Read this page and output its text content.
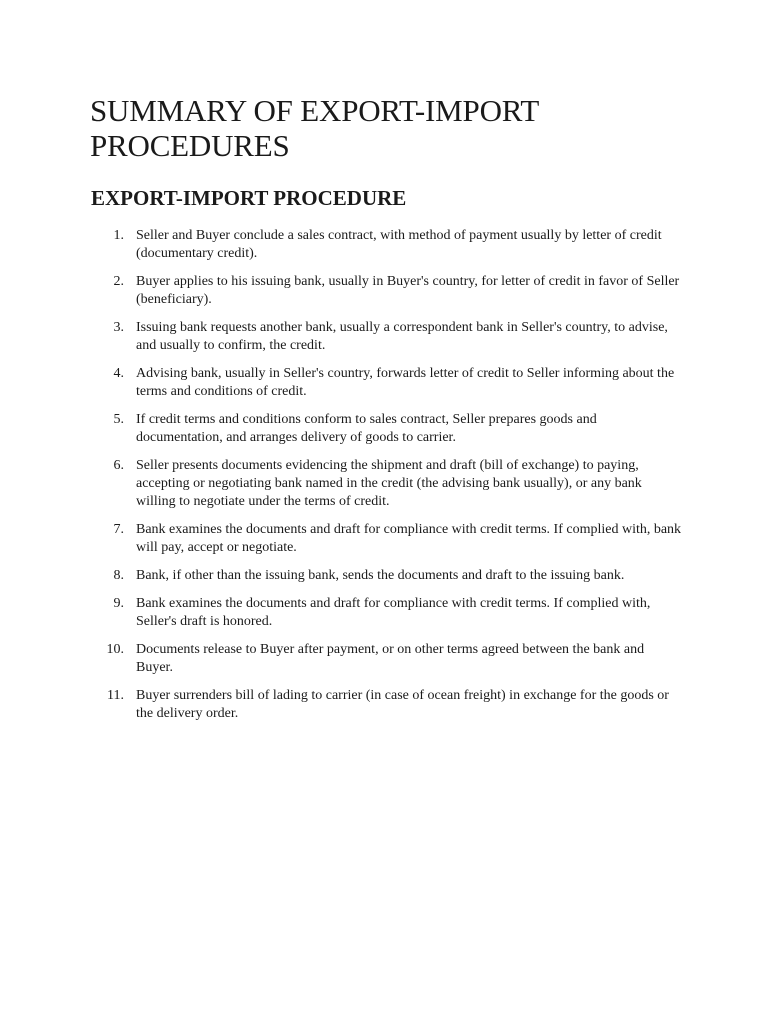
SUMMARY OF EXPORT-IMPORT PROCEDURES
EXPORT-IMPORT PROCEDURE
1. Seller and Buyer conclude a sales contract, with method of payment usually by letter of credit (documentary credit).
2. Buyer applies to his issuing bank, usually in Buyer's country, for letter of credit in favor of Seller (beneficiary).
3. Issuing bank requests another bank, usually a correspondent bank in Seller's country, to advise, and usually to confirm, the credit.
4. Advising bank, usually in Seller's country, forwards letter of credit to Seller informing about the terms and conditions of credit.
5. If credit terms and conditions conform to sales contract, Seller prepares goods and documentation, and arranges delivery of goods to carrier.
6. Seller presents documents evidencing the shipment and draft (bill of exchange) to paying, accepting or negotiating bank named in the credit (the advising bank usually), or any bank willing to negotiate under the terms of credit.
7. Bank examines the documents and draft for compliance with credit terms. If complied with, bank will pay, accept or negotiate.
8. Bank, if other than the issuing bank, sends the documents and draft to the issuing bank.
9. Bank examines the documents and draft for compliance with credit terms. If complied with, Seller's draft is honored.
10. Documents release to Buyer after payment, or on other terms agreed between the bank and Buyer.
11. Buyer surrenders bill of lading to carrier (in case of ocean freight) in exchange for the goods or the delivery order.
